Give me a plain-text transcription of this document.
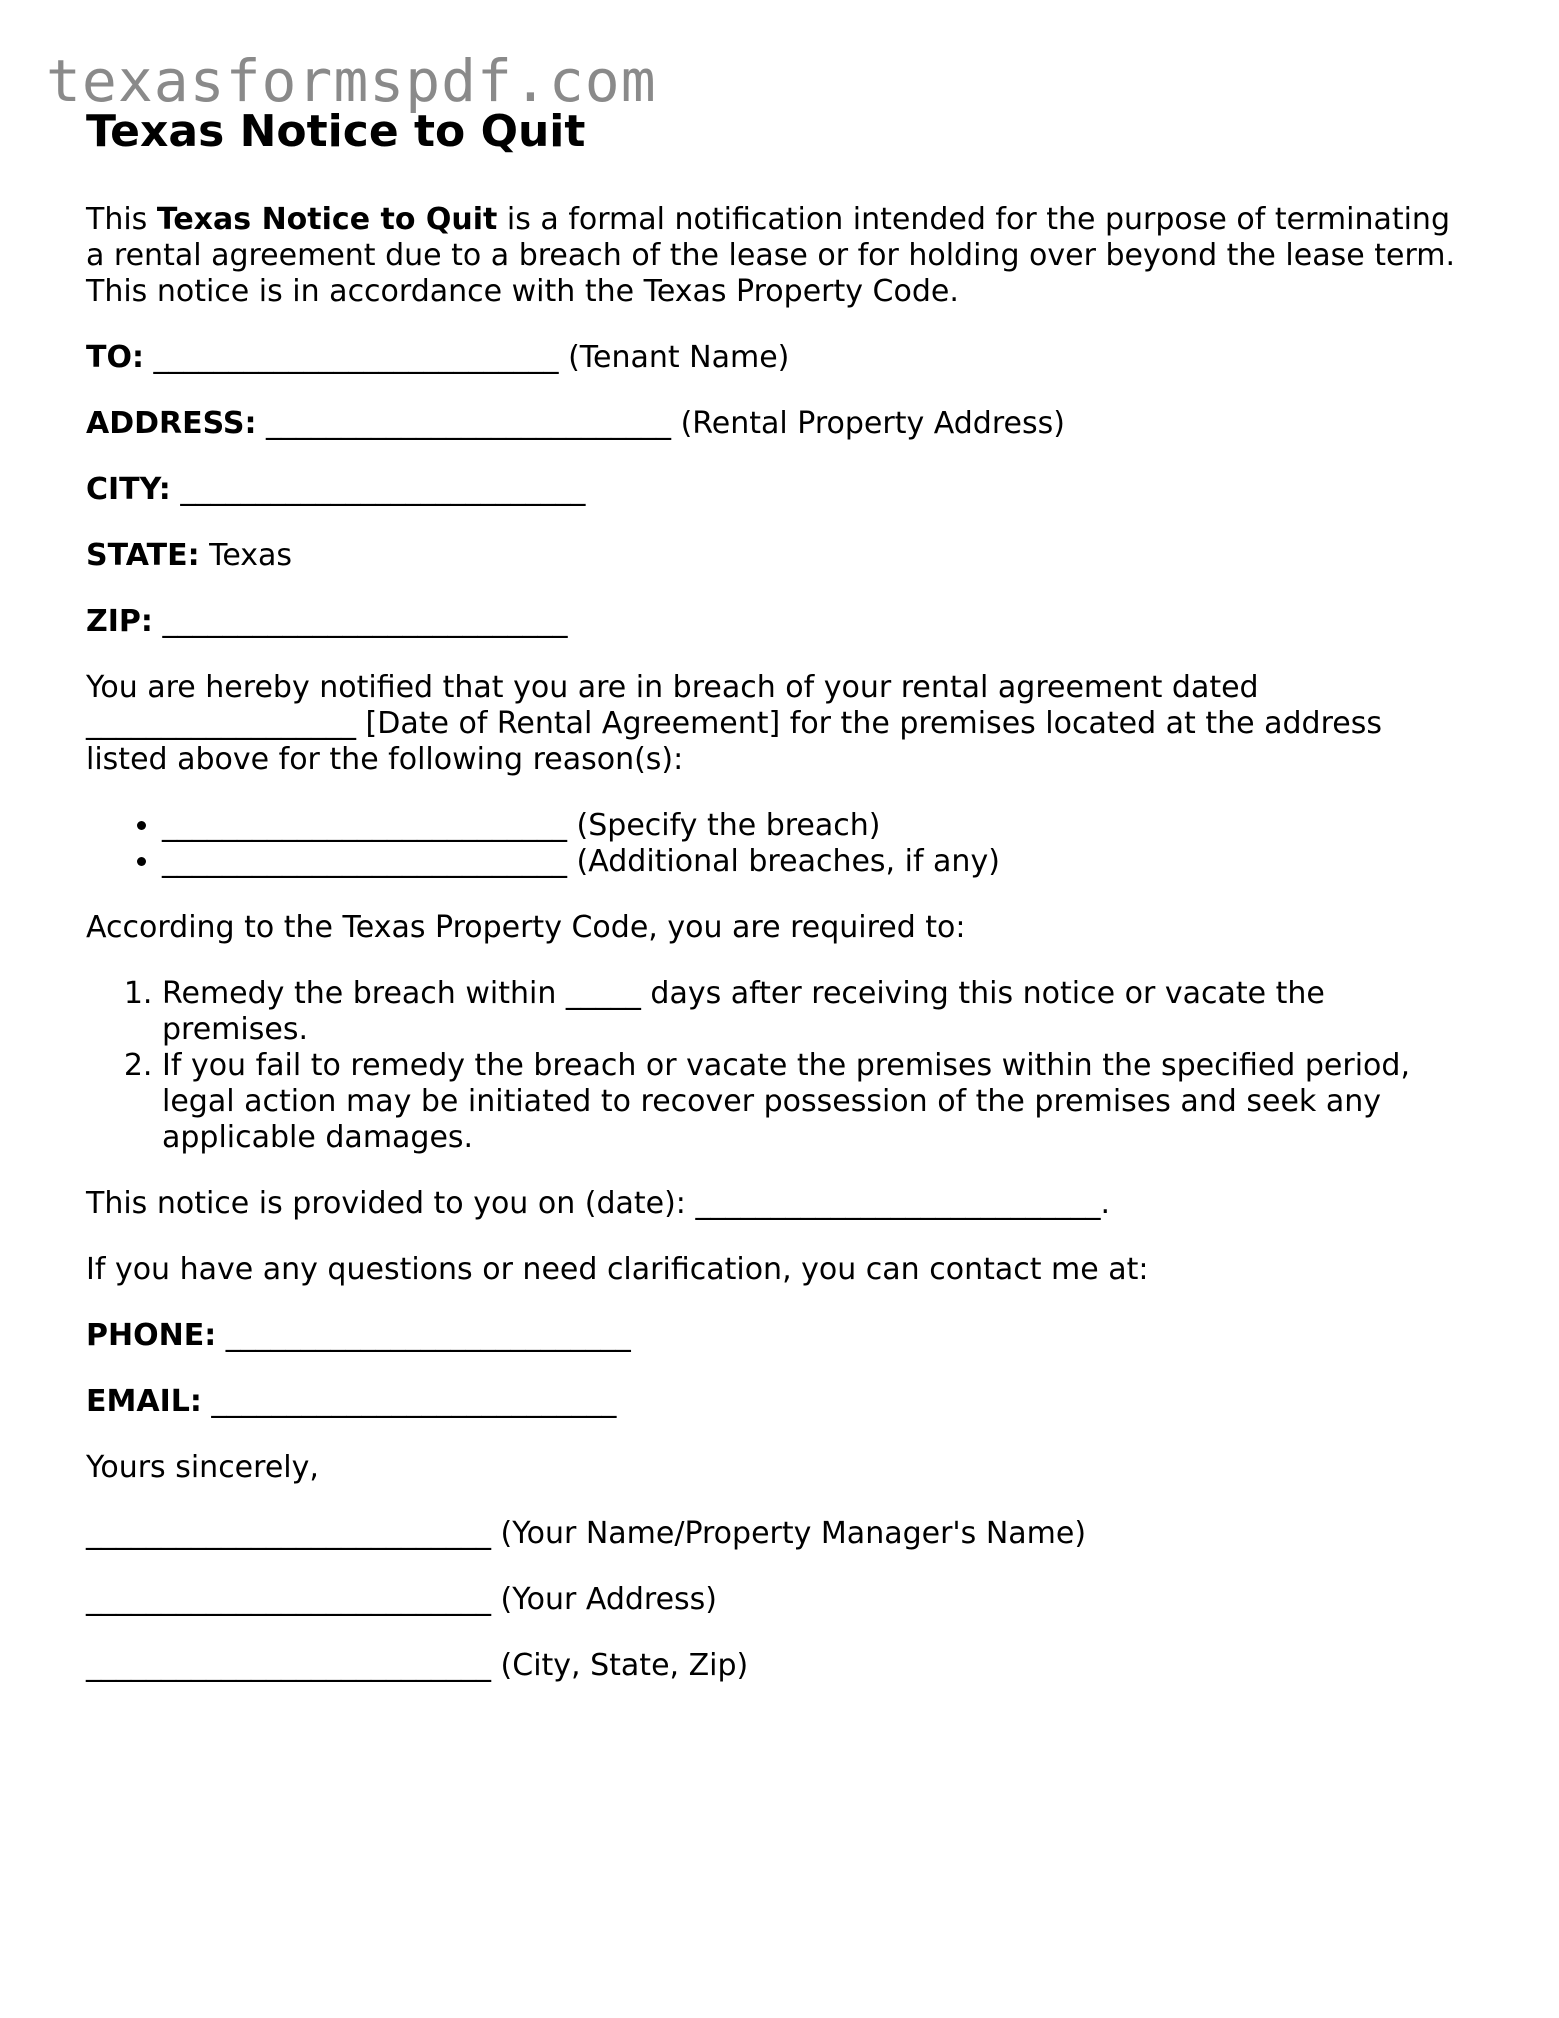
texasformspdf.com
Texas Notice to Quit

This Texas Notice to Quit is a formal notification intended for the purpose of terminating a rental agreement due to a breach of the lease or for holding over beyond the lease term. This notice is in accordance with the Texas Property Code.

TO: ___________________________ (Tenant Name)
ADDRESS: ___________________________ (Rental Property Address)
CITY: ___________________________
STATE: Texas
ZIP: ___________________________

You are hereby notified that you are in breach of your rental agreement dated
__________________ [Date of Rental Agreement] for the premises located at the address listed above for the following reason(s):

• ___________________________ (Specify the breach)
• ___________________________ (Additional breaches, if any)

According to the Texas Property Code, you are required to:

1. Remedy the breach within _____ days after receiving this notice or vacate the premises.
2. If you fail to remedy the breach or vacate the premises within the specified period, legal action may be initiated to recover possession of the premises and seek any applicable damages.

This notice is provided to you on (date): ___________________________.

If you have any questions or need clarification, you can contact me at:

PHONE: ___________________________
EMAIL: ___________________________

Yours sincerely,

___________________________ (Your Name/Property Manager's Name)
___________________________ (Your Address)
___________________________ (City, State, Zip)
